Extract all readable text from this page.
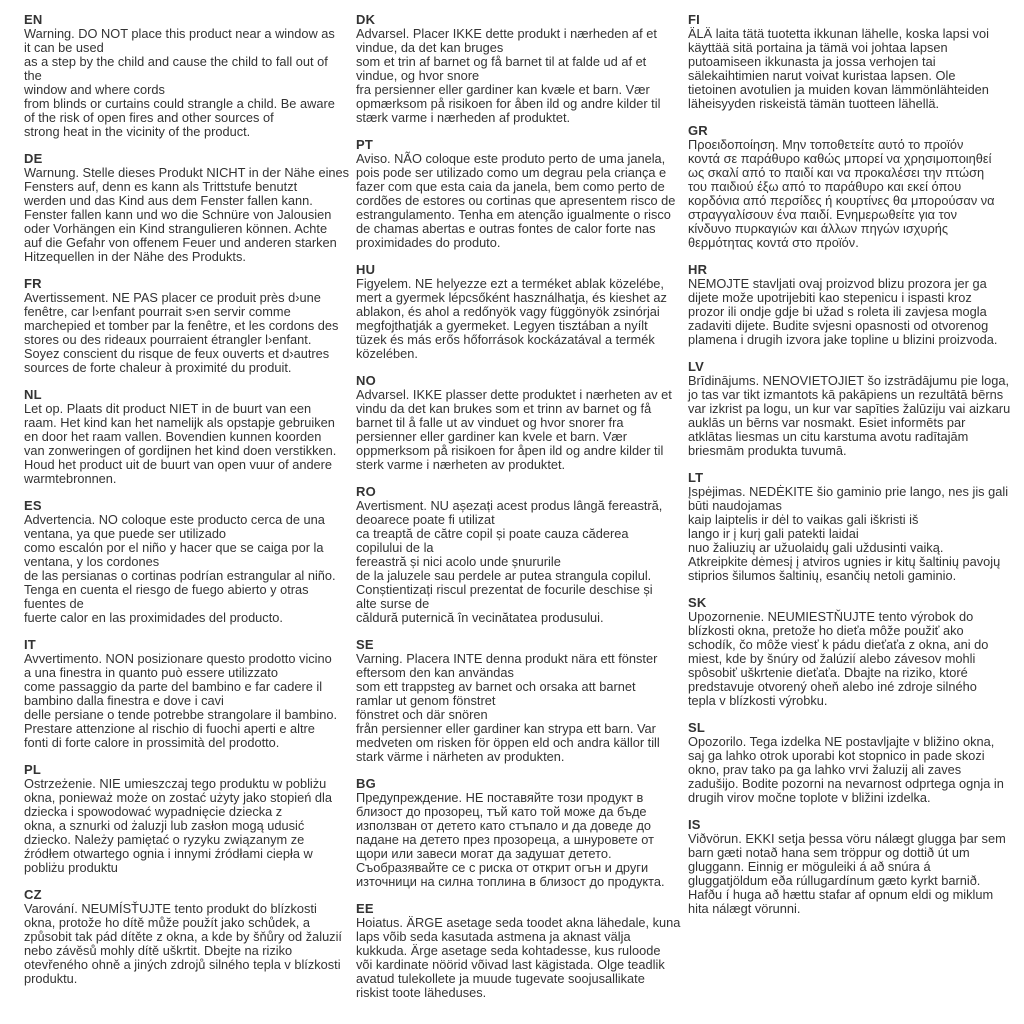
EN
Warning. DO NOT place this product near a window as
it can be used
as a step by the child and cause the child to fall out of
the
window and where cords
from blinds or curtains could strangle a child. Be aware
of the risk of open fires and other sources of
strong heat in the vicinity of the product.
DE
Warnung. Stelle dieses Produkt NICHT in der Nähe eines
Fensters auf, denn es kann als Trittstufe benutzt
werden und das Kind aus dem Fenster fallen kann.
Fenster fallen kann und wo die Schnüre von Jalousien
oder Vorhängen ein Kind strangulieren können. Achte
auf die Gefahr von offenem Feuer und anderen starken
Hitzequellen in der Nähe des Produkts.
FR
Avertissement. NE PAS placer ce produit près d›une
fenêtre, car l›enfant pourrait s›en servir comme
marchepied et tomber par la fenêtre, et les cordons des
stores ou des rideaux pourraient étrangler l›enfant.
Soyez conscient du risque de feux ouverts et d›autres
sources de forte chaleur à proximité du produit.
NL
Let op. Plaats dit product NIET in de buurt van een
raam. Het kind kan het namelijk als opstapje gebruiken
en door het raam vallen. Bovendien kunnen koorden
van zonweringen of gordijnen het kind doen verstikken.
Houd het product uit de buurt van open vuur of andere
warmtebronnen.
ES
Advertencia. NO coloque este producto cerca de una
ventana, ya que puede ser utilizado
como escalón por el niño y hacer que se caiga por la
ventana, y los cordones
de las persianas o cortinas podrían estrangular al niño.
Tenga en cuenta el riesgo de fuego abierto y otras
fuentes de
fuerte calor en las proximidades del producto.
IT
Avvertimento. NON posizionare questo prodotto vicino
a una finestra in quanto può essere utilizzato
come passaggio da parte del bambino e far cadere il
bambino dalla finestra e dove i cavi
delle persiane o tende potrebbe strangolare il bambino.
Prestare attenzione al rischio di fuochi aperti e altre
fonti di forte calore in prossimità del prodotto.
PL
Ostrzeżenie. NIE umieszczaj tego produktu w pobliżu
okna, ponieważ może on zostać użyty jako stopień dla
dziecka i spowodować wypadnięcie dziecka z
okna, a sznurki od żaluzji lub zasłon mogą udusić
dziecko. Należy pamiętać o ryzyku związanym ze
źródłem otwartego ognia i innymi źródłami ciepła w
pobliżu produktu
CZ
Varování. NEUMÍSŤUJTE tento produkt do blízkosti
okna, protože ho dítě může použít jako schůdek, a
způsobit tak pád dítěte z okna, a kde by šňůry od žaluzií
nebo závěsů mohly dítě uškrtit. Dbejte na riziko
otevřeného ohně a jiných zdrojů silného tepla v blízkosti
produktu.
DK
Advarsel. Placer IKKE dette produkt i nærheden af et
vindue, da det kan bruges
som et trin af barnet og få barnet til at falde ud af et
vindue, og hvor snore
fra persienner eller gardiner kan kvæle et barn. Vær
opmærksom på risikoen for åben ild og andre kilder til
stærk varme i nærheden af produktet.
PT
Aviso. NÃO coloque este produto perto de uma janela,
pois pode ser utilizado como um degrau pela criança e
fazer com que esta caia da janela, bem como perto de
cordões de estores ou cortinas que apresentem risco de
estrangulamento. Tenha em atenção igualmente o risco
de chamas abertas e outras fontes de calor forte nas
proximidades do produto.
HU
Figyelem. NE helyezze ezt a terméket ablak közelébe,
mert a gyermek lépcsőként használhatja, és kieshet az
ablakon, és ahol a redőnyök vagy függönyök zsinórjai
megfojthatják a gyermeket. Legyen tisztában a nyílt
tüzek és más erős hőforrások kockázatával a termék
közelében.
NO
Advarsel. IKKE plasser dette produktet i nærheten av et
vindu da det kan brukes som et trinn av barnet og få
barnet til å falle ut av vinduet og hvor snorer fra
persienner eller gardiner kan kvele et barn. Vær
oppmerksom på risikoen for åpen ild og andre kilder til
sterk varme i nærheten av produktet.
RO
Avertisment. NU așezați acest produs lângă fereastră,
deoarece poate fi utilizat
ca treaptă de către copil și poate cauza căderea
copilului de la
fereastră și nici acolo unde șnururile
de la jaluzele sau perdele ar putea strangula copilul.
Conștientizați riscul prezentat de focurile deschise și
alte surse de
căldură puternică în vecinătatea produsului.
SE
Varning. Placera INTE denna produkt nära ett fönster
eftersom den kan användas
som ett trappsteg av barnet och orsaka att barnet
ramlar ut genom fönstret
fönstret och där snören
från persienner eller gardiner kan strypa ett barn. Var
medveten om risken för öppen eld och andra källor till
stark värme i närheten av produkten.
BG
Предупреждение. НЕ поставяйте този продукт в
близост до прозорец, тъй като той може да бъде
използван от детето като стъпало и да доведе до
падане на детето през прозореца, а шнуровете от
щори или завеси могат да задушат детето.
Съобразявайте се с риска от открит огън и други
източници на силна топлина в близост до продукта.
EE
Hoiatus. ÄRGE asetage seda toodet akna lähedale, kuna
laps võib seda kasutada astmena ja aknast välja
kukkuda. Ärge asetage seda kohtadesse, kus ruloode
või kardinate nöörid võivad last kägistada. Olge teadlik
avatud tulekollete ja muude tugevate soojusallikate
riskist toote läheduses.
FI
ÄLÄ laita tätä tuotetta ikkunan lähelle, koska lapsi voi
käyttää sitä portaina ja tämä voi johtaa lapsen
putoamiseen ikkunasta ja jossa verhojen tai
sälekaihtimien narut voivat kuristaa lapsen. Ole
tietoinen avotulien ja muiden kovan lämmönlähteiden
läheisyyden riskeistä tämän tuotteen lähellä.
GR
Προειδοποίηση. Μην τοποθετείτε αυτό το προϊόν
κοντά σε παράθυρο καθώς μπορεί να χρησιμοποιηθεί
ως σκαλί από το παιδί και να προκαλέσει την πτώση
του παιδιού έξω από το παράθυρο και εκεί όπου
κορδόνια από περσίδες ή κουρτίνες θα μπορούσαν να
στραγγαλίσουν ένα παιδί. Ενημερωθείτε για τον
κίνδυνο πυρκαγιών και άλλων πηγών ισχυρής
θερμότητας κοντά στο προϊόν.
HR
NEMOJTE stavljati ovaj proizvod blizu prozora jer ga
dijete može upotrijebiti kao stepenicu i ispasti kroz
prozor ili ondje gdje bi užad s roleta ili zavjesa mogla
zadaviti dijete. Budite svjesni opasnosti od otvorenog
plamena i drugih izvora jake topline u blizini proizvoda.
LV
Brīdinājums. NENOVIETOJIET šo izstrādājumu pie loga,
jo tas var tikt izmantots kā pakāpiens un rezultātā bērns
var izkrist pa logu, un kur var sapīties žalūziju vai aizkaru
auklās un bērns var nosmakt. Esiet informēts par
atklātas liesmas un citu karstuma avotu radītajām
briesmām produkta tuvumā.
LT
Įspėjimas. NEDĖKITE šio gaminio prie lango, nes jis gali
būti naudojamas
kaip laiptelis ir dėl to vaikas gali iškristi iš
lango ir į kurį gali patekti laidai
nuo žaliuzių ar užuolaidų gali uždusinti vaiką.
Atkreipkite dėmesį į atviros ugnies ir kitų šaltinių pavojų
stiprios šilumos šaltinių, esančių netoli gaminio.
SK
Upozornenie. NEUMIESTŇUJTE tento výrobok do
blízkosti okna, pretože ho dieťa môže použiť ako
schodík, čo môže viesť k pádu dieťaťa z okna, ani do
miest, kde by šnúry od žalúzií alebo závesov mohli
spôsobiť uškrtenie dieťaťa. Dbajte na riziko, ktoré
predstavuje otvorený oheň alebo iné zdroje silného
tepla v blízkosti výrobku.
SL
Opozorilo. Tega izdelka NE postavljajte v bližino okna,
saj ga lahko otrok uporabi kot stopnico in pade skozi
okno, prav tako pa ga lahko vrvi žaluzij ali zaves
zadušijo. Bodite pozorni na nevarnost odprtega ognja in
drugih virov močne toplote v bližini izdelka.
IS
Viðvörun. EKKI setja þessa vöru nálægt glugga þar sem
barn gæti notað hana sem tröppur og dottið út um
gluggann. Einnig er möguleiki á að snúra á
gluggatjöldum eða rúllugardínum gæto kyrkt barnið.
Hafðu í huga að hættu stafar af opnum eldi og miklum
hita nálægt vörunni.
